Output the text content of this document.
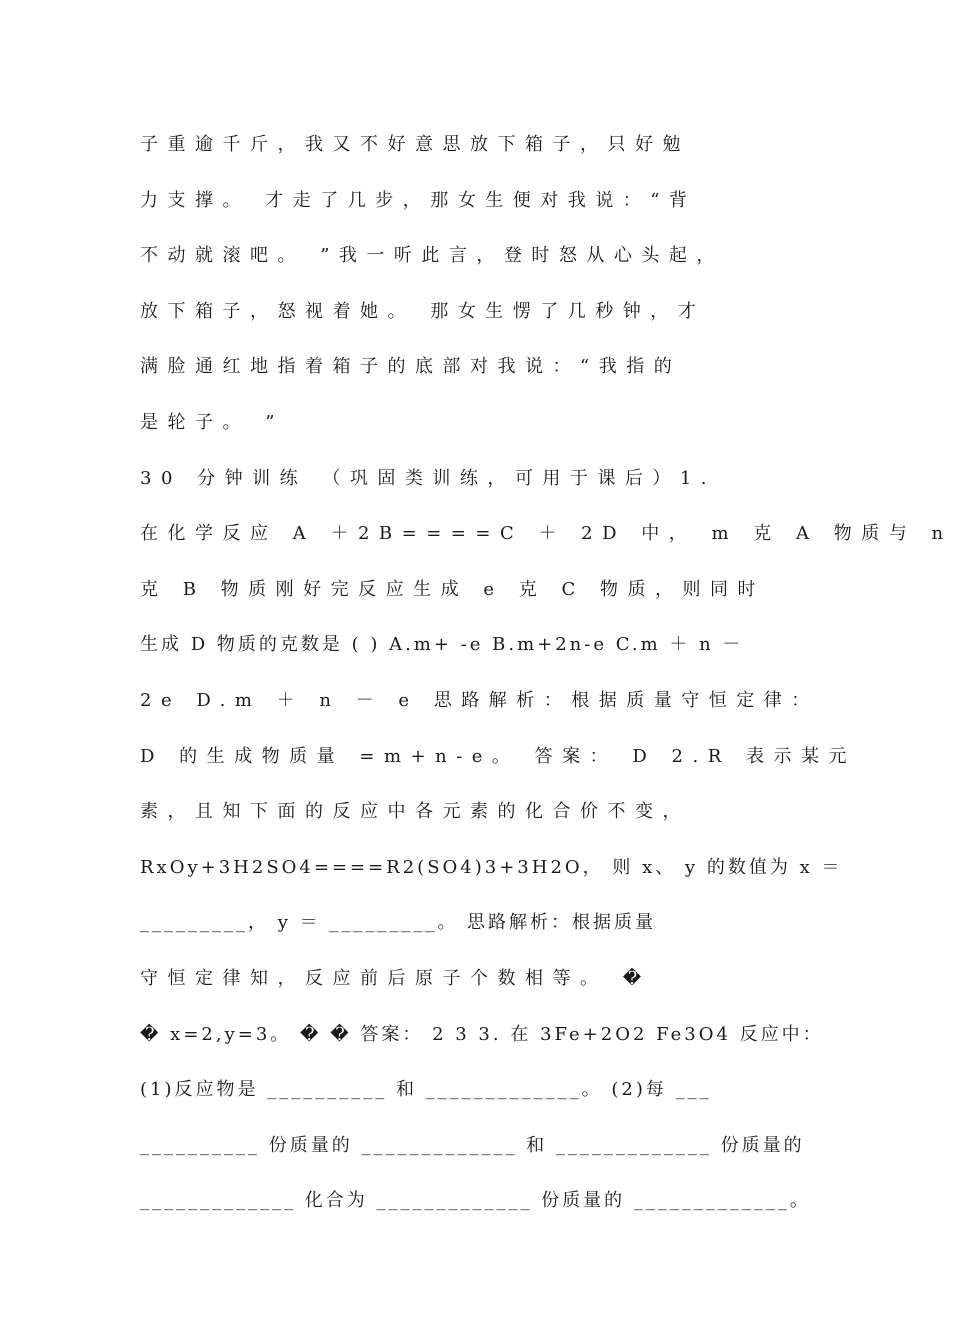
子重逾千斤，我又不好意思放下箱子，只好勉
力支撑。 才走了几步，那女生便对我说：“背
不动就滚吧。 ”我一听此言，登时怒从心头起，
放下箱子，怒视着她。 那女生愣了几秒钟，才
满脸通红地指着箱子的底部对我说：“我指的
是轮子。 ”
30 分钟训练 （巩固类训练，可用于课后）1.
在化学反应 A ＋2B====C ＋ 2D 中， m 克 A 物质与 n
克 B 物质刚好完反应生成 e 克 C 物质，则同时
生成 D 物质的克数是 ( ) A.m+ -e B.m+2n-e C.m ＋ n －
2e D.m ＋ n － e 思路解析：根据质量守恒定律：
D 的生成物质量 =m+n-e。 答案： D 2.R 表示某元
素，且知下面的反应中各元素的化合价不变，
RxOy+3H2SO4====R2(SO4)3+3H2O， 则 x、 y 的数值为 x ＝
_________， y ＝ _________。 思路解析：根据质量
守恒定律知，反应前后原子个数相等。 �
� x=2,y=3。 � � 答案： 2 3 3. 在 3Fe+2O2 Fe3O4 反应中：
(1)反应物是 __________ 和 _____________。 (2)每 ___
__________ 份质量的 _____________ 和 _____________ 份质量的
_____________ 化合为 _____________ 份质量的 _____________。
